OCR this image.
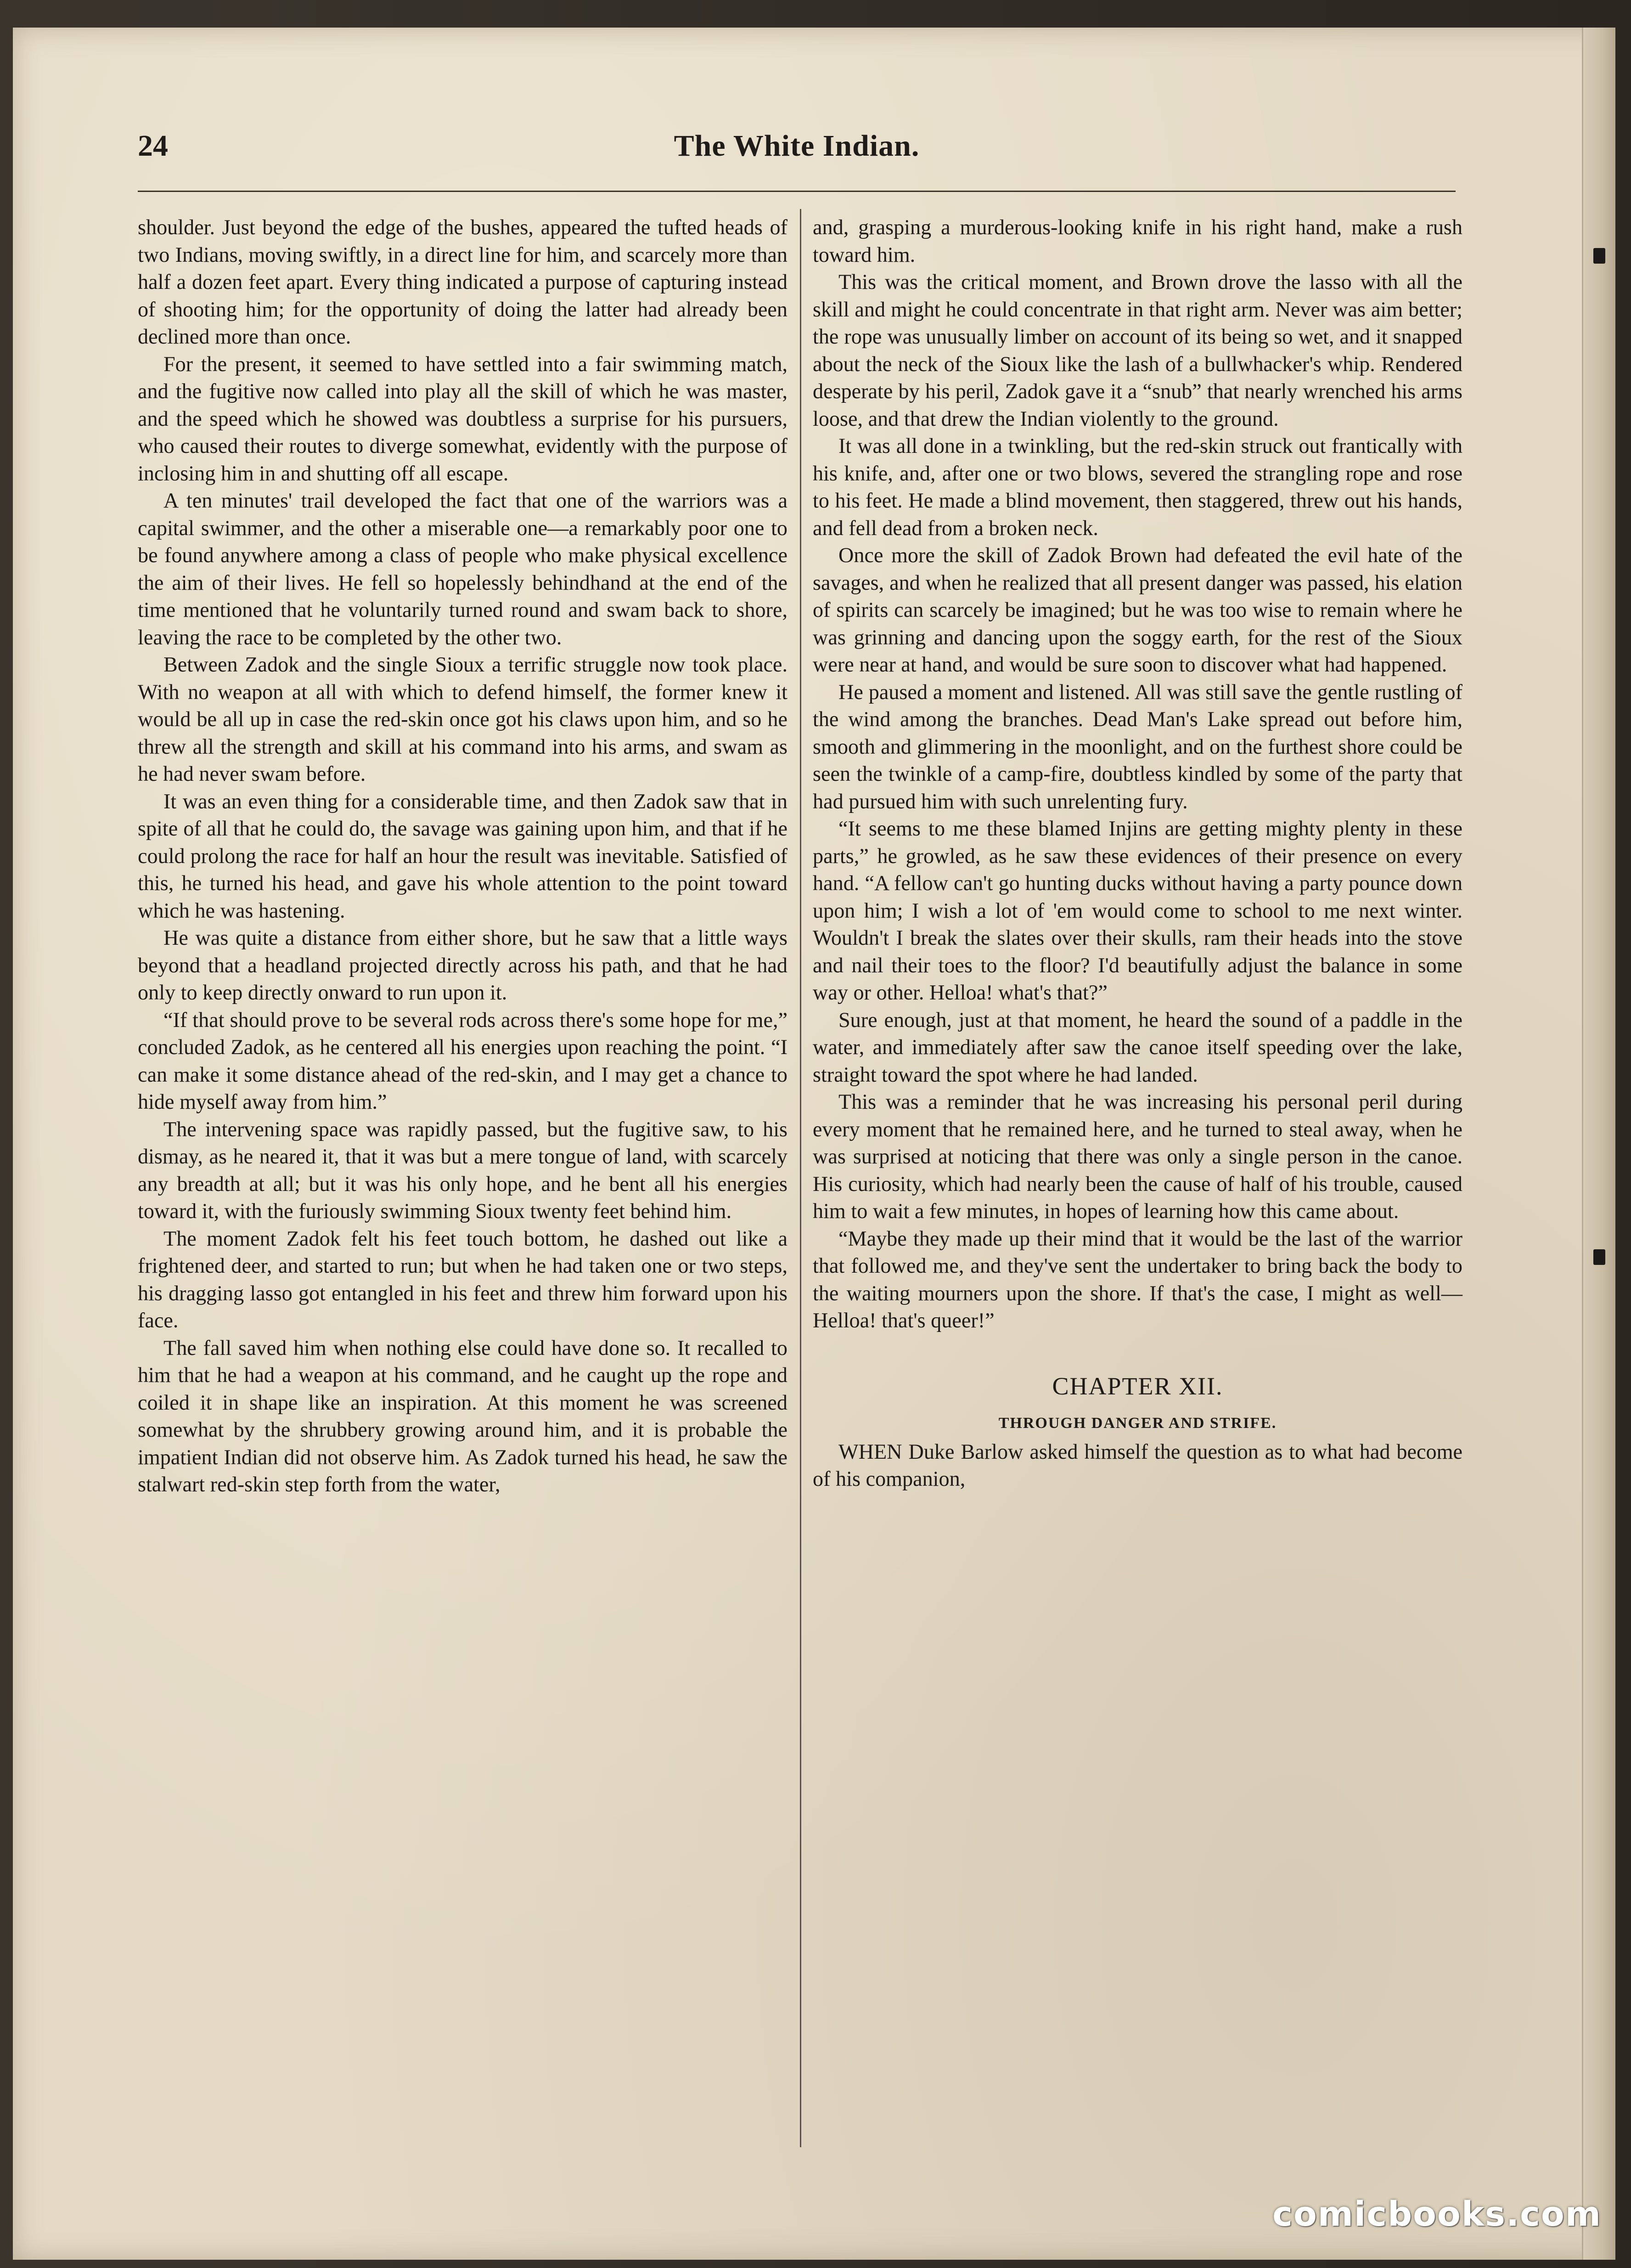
24	The White Indian.

shoulder. Just beyond the edge of the bushes, appeared the tufted heads of two Indians, moving swiftly, in a direct line for him, and scarcely more than half a dozen feet apart. Every thing indicated a purpose of capturing instead of shooting him; for the opportunity of doing the latter had already been declined more than once.

For the present, it seemed to have settled into a fair swimming match, and the fugitive now called into play all the skill of which he was master, and the speed which he showed was doubtless a surprise for his pursuers, who caused their routes to diverge somewhat, evidently with the purpose of inclosing him in and shutting off all escape.

A ten minutes' trail developed the fact that one of the warriors was a capital swimmer, and the other a miserable one—a remarkably poor one to be found anywhere among a class of people who make physical excellence the aim of their lives. He fell so hopelessly behindhand at the end of the time mentioned that he voluntarily turned round and swam back to shore, leaving the race to be completed by the other two.

Between Zadok and the single Sioux a terrific struggle now took place. With no weapon at all with which to defend himself, the former knew it would be all up in case the red-skin once got his claws upon him, and so he threw all the strength and skill at his command into his arms, and swam as he had never swam before.

It was an even thing for a considerable time, and then Zadok saw that in spite of all that he could do, the savage was gaining upon him, and that if he could prolong the race for half an hour the result was inevitable. Satisfied of this, he turned his head, and gave his whole attention to the point toward which he was hastening.

He was quite a distance from either shore, but he saw that a little ways beyond that a headland projected directly across his path, and that he had only to keep directly onward to run upon it.

“If that should prove to be several rods across there's some hope for me,” concluded Zadok, as he centered all his energies upon reaching the point. “I can make it some distance ahead of the red-skin, and I may get a chance to hide myself away from him.”

The intervening space was rapidly passed, but the fugitive saw, to his dismay, as he neared it, that it was but a mere tongue of land, with scarcely any breadth at all; but it was his only hope, and he bent all his energies toward it, with the furiously swimming Sioux twenty feet behind him.

The moment Zadok felt his feet touch bottom, he dashed out like a frightened deer, and started to run; but when he had taken one or two steps, his dragging lasso got entangled in his feet and threw him forward upon his face.

The fall saved him when nothing else could have done so. It recalled to him that he had a weapon at his command, and he caught up the rope and coiled it in shape like an inspiration. At this moment he was screened somewhat by the shrubbery growing around him, and it is probable the impatient Indian did not observe him. As Zadok turned his head, he saw the stalwart red-skin step forth from the water,

and, grasping a murderous-looking knife in his right hand, make a rush toward him.

This was the critical moment, and Brown drove the lasso with all the skill and might he could concentrate in that right arm. Never was aim better; the rope was unusually limber on account of its being so wet, and it snapped about the neck of the Sioux like the lash of a bullwhacker's whip. Rendered desperate by his peril, Zadok gave it a “snub” that nearly wrenched his arms loose, and that drew the Indian violently to the ground.

It was all done in a twinkling, but the red-skin struck out frantically with his knife, and, after one or two blows, severed the strangling rope and rose to his feet. He made a blind movement, then staggered, threw out his hands, and fell dead from a broken neck.

Once more the skill of Zadok Brown had defeated the evil hate of the savages, and when he realized that all present danger was passed, his elation of spirits can scarcely be imagined; but he was too wise to remain where he was grinning and dancing upon the soggy earth, for the rest of the Sioux were near at hand, and would be sure soon to discover what had happened.

He paused a moment and listened. All was still save the gentle rustling of the wind among the branches. Dead Man's Lake spread out before him, smooth and glimmering in the moonlight, and on the furthest shore could be seen the twinkle of a camp-fire, doubtless kindled by some of the party that had pursued him with such unrelenting fury.

“It seems to me these blamed Injins are getting mighty plenty in these parts,” he growled, as he saw these evidences of their presence on every hand. “A fellow can't go hunting ducks without having a party pounce down upon him; I wish a lot of 'em would come to school to me next winter. Wouldn't I break the slates over their skulls, ram their heads into the stove and nail their toes to the floor? I'd beautifully adjust the balance in some way or other. Helloa! what's that?”

Sure enough, just at that moment, he heard the sound of a paddle in the water, and immediately after saw the canoe itself speeding over the lake, straight toward the spot where he had landed.

This was a reminder that he was increasing his personal peril during every moment that he remained here, and he turned to steal away, when he was surprised at noticing that there was only a single person in the canoe. His curiosity, which had nearly been the cause of half of his trouble, caused him to wait a few minutes, in hopes of learning how this came about.

“Maybe they made up their mind that it would be the last of the warrior that followed me, and they've sent the undertaker to bring back the body to the waiting mourners upon the shore. If that's the case, I might as well—Helloa! that's queer!”

CHAPTER XII.

THROUGH DANGER AND STRIFE.

WHEN Duke Barlow asked himself the question as to what had become of his companion,

comicbooks.com
